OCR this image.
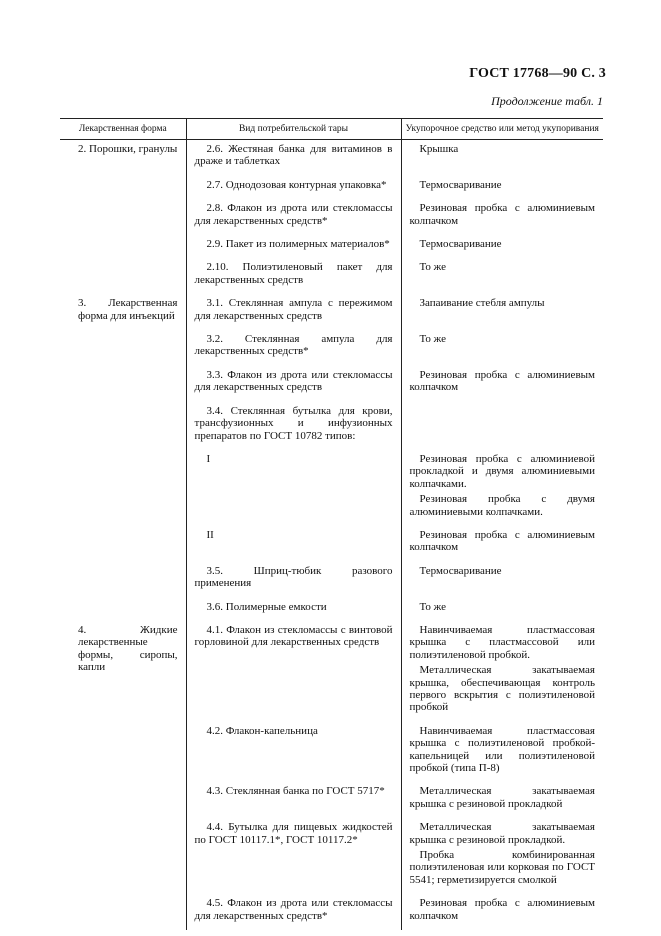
ГОСТ 17768—90 С. 3
Продолжение табл. 1
Лекарственная форма	Вид потребительской тары	Укупорочное средство или метод укупоривания
2. Порошки, гранулы	2.6. Жестяная банка для витаминов в драже и таблетках	Крышка

	2.7. Однодозовая контурная упаковка*	Термосваривание

	2.8. Флакон из дрота или стекломассы для лекарственных средств*	Резиновая пробка с алюминиевым колпачком

	2.9. Пакет из полимерных материалов*	Термосваривание

	2.10. Полиэтиленовый пакет для лекарственных средств	То же

3. Лекарственная форма для инъекций	3.1. Стеклянная ампула с пережимом для лекарственных средств	Запаивание стебля ампулы

	3.2. Стеклянная ампула для лекарственных средств*	То же

	3.3. Флакон из дрота или стекломассы для лекарственных средств	Резиновая пробка с алюминиевым колпачком

	3.4. Стеклянная бутылка для крови, трансфузионных и инфузионных препаратов по ГОСТ 10782 типов:	
	I	Резиновая пробка с алюминиевой прокладкой и двумя алюминиевыми колпачками.
Резиновая пробка с двумя алюминиевыми колпачками.

	II	Резиновая пробка с алюминиевым колпачком

	3.5. Шприц-тюбик разового применения	Термосваривание

	3.6. Полимерные емкости	То же

4. Жидкие лекарственные формы, сиропы, капли	4.1. Флакон из стекломассы с винтовой горловиной для лекарственных средств	Навинчиваемая пластмассовая крышка с пластмассовой или полиэтиленовой пробкой.
Металлическая закатываемая крышка, обеспечивающая контроль первого вскрытия с полиэтиленовой пробкой

	4.2. Флакон-капельница	Навинчиваемая пластмассовая крышка с полиэтиленовой пробкой-капельницей или полиэтиленовой пробкой (типа П-8)

	4.3. Стеклянная банка по ГОСТ 5717*	Металлическая закатываемая крышка с резиновой прокладкой

	4.4. Бутылка для пищевых жидкостей по ГОСТ 10117.1*, ГОСТ 10117.2*	Металлическая закатываемая крышка с резиновой прокладкой.
Пробка комбинированная полиэтиленовая или корковая по ГОСТ 5541; герметизируется смолкой

	4.5. Флакон из дрота или стекломассы для лекарственных средств*	Резиновая пробка с алюминиевым колпачком
